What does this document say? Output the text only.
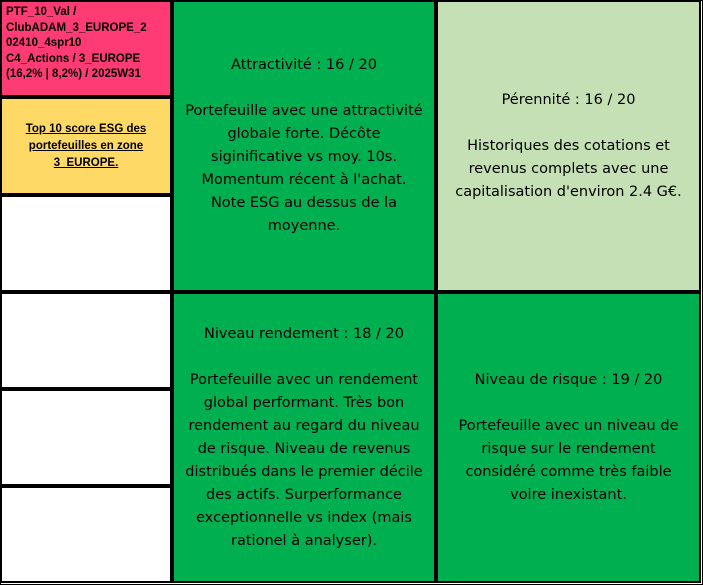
PTF_10_Val /
ClubADAM_3_EUROPE_2
02410_4spr10
C4_Actions / 3_EUROPE
(16,2% | 8,2%) / 2025W31
Top 10 score ESG des
portefeuilles en zone
3_EUROPE.
Attractivité : 16 / 20
Portefeuille avec une attractivité
globale forte. Décôte
siginificative vs moy. 10s.
Momentum récent à l'achat.
Note ESG au dessus de la
moyenne.
Pérennité : 16 / 20
Historiques des cotations et
revenus complets avec une
capitalisation d'environ 2.4 G€.
Niveau rendement : 18 / 20
Portefeuille avec un rendement
global performant. Très bon
rendement au regard du niveau
de risque. Niveau de revenus
distribués dans le premier décile
des actifs. Surperformance
exceptionnelle vs index (mais
rationel à analyser).
Niveau de risque : 19 / 20
Portefeuille avec un niveau de
risque sur le rendement
considéré comme très faible
voire inexistant.
